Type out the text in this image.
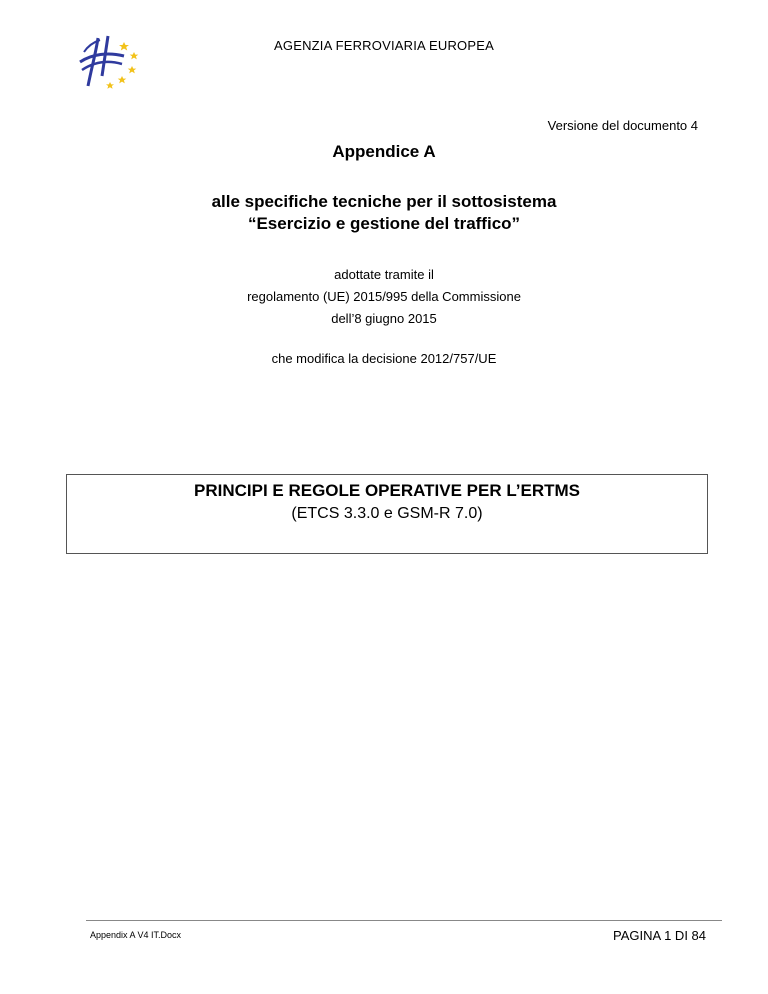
AGENZIA FERROVIARIA EUROPEA
Versione del documento 4
Appendice A
alle specifiche tecniche per il sottosistema
“Esercizio e gestione del traffico”
adottate tramite il
regolamento (UE) 2015/995 della Commissione
dell’8 giugno 2015
che modifica la decisione 2012/757/UE
PRINCIPI E REGOLE OPERATIVE PER L’ERTMS
(ETCS 3.3.0 e GSM-R 7.0)
Appendix A V4 IT.Docx	PAGINA 1 DI 84
